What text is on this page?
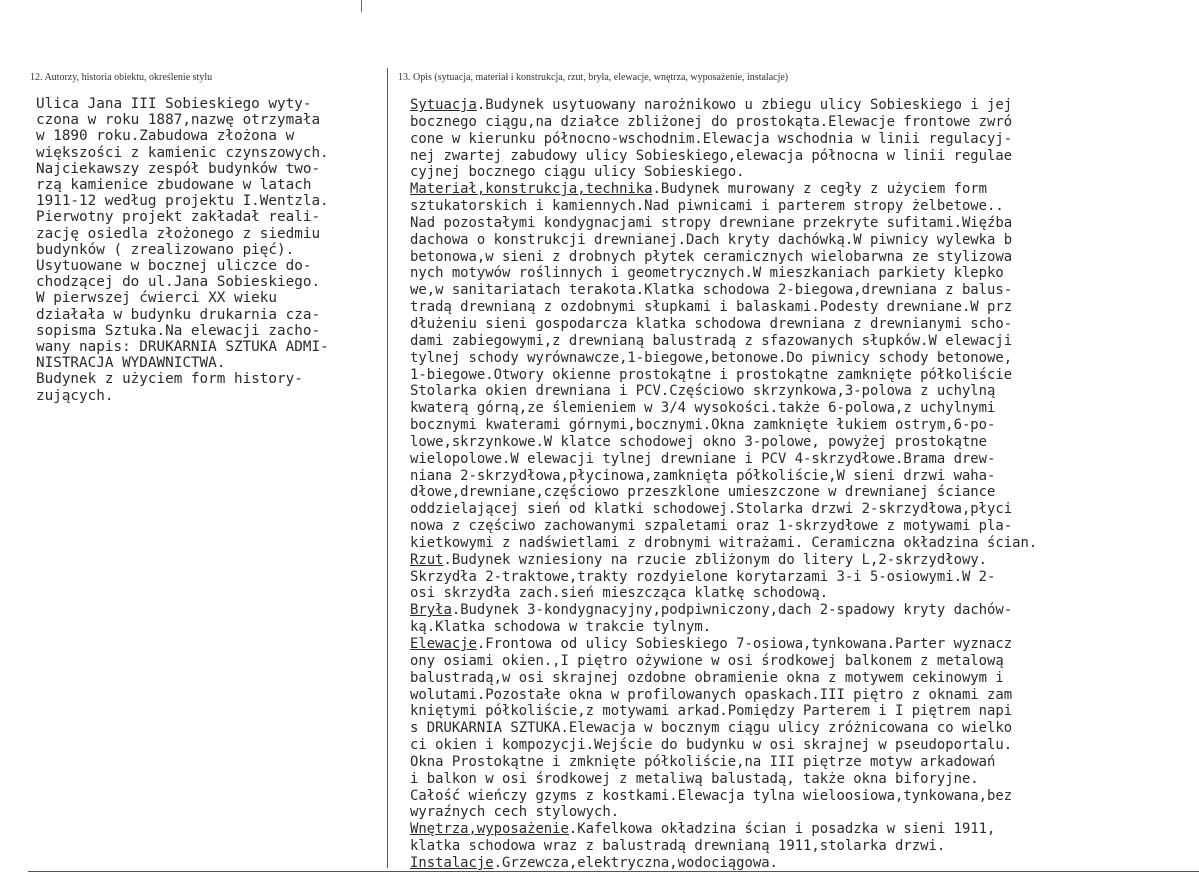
12. Autorzy, historia obiektu, określenie stylu	13. Opis (sytuacja, materiał i konstrukcja, rzut, bryła, elewacje, wnętrza, wyposażenie, instalacje)
Ulica Jana III Sobieskiego wyty-
czona w roku 1887,nazwę otrzymała
w 1890 roku.Zabudowa złożona w
większości z kamienic czynszowych.
Najciekawszy zespół budynków two-
rzą kamienice zbudowane w latach
1911-12 według projektu I.Wentzla.
Pierwotny projekt zakładał reali-
zację osiedla złożonego z siedmiu
budynków ( zrealizowano pięć).
Usytuowane w bocznej uliczce do-
chodzącej do ul.Jana Sobieskiego.
W pierwszej ćwierci XX wieku
działała w budynku drukarnia cza-
sopisma Sztuka.Na elewacji zacho-
wany napis: DRUKARNIA SZTUKA ADMI-
NISTRACJA WYDAWNICTWA.
Budynek z użyciem form history-
zujących.
Sytuacja.Budynek usytuowany narożnikowo u zbiegu ulicy Sobieskiego i jej
bocznego ciągu,na działce zbliżonej do prostokąta.Elewacje frontowe zwró
cone w kierunku północno-wschodnim.Elewacja wschodnia w linii regulacyj-
nej zwartej zabudowy ulicy Sobieskiego,elewacja północna w linii regulae
cyjnej bocznego ciągu ulicy Sobieskiego.
Materiał,konstrukcja,technika.Budynek murowany z cegły z użyciem form
sztukatorskich i kamiennych.Nad piwnicami i parterem stropy żelbetowe..
Nad pozostałymi kondygnacjami stropy drewniane przekryte sufitami.Więźba
dachowa o konstrukcji drewnianej.Dach kryty dachówką.W piwnicy wylewka b
betonowa,w sieni z drobnych płytek ceramicznych wielobarwna ze stylizowa
nych motywów roślinnych i geometrycznych.W mieszkaniach parkiety klepko
we,w sanitariatach terakota.Klatka schodowa 2-biegowa,drewniana z balus-
tradą drewnianą z ozdobnymi słupkami i balaskami.Podesty drewniane.W prz
dłużeniu sieni gospodarcza klatka schodowa drewniana z drewnianymi scho-
dami zabiegowymi,z drewnianą balustradą z sfazowanych słupków.W elewacji
tylnej schody wyrównawcze,1-biegowe,betonowe.Do piwnicy schody betonowe,
1-biegowe.Otwory okienne prostokątne i prostokątne zamknięte półkoliście
Stolarka okien drewniana i PCV.Częściowo skrzynkowa,3-polowa z uchylną
kwaterą górną,ze ślemieniem w 3/4 wysokości.także 6-polowa,z uchylnymi
bocznymi kwaterami górnymi,bocznymi.Okna zamknięte łukiem ostrym,6-po-
lowe,skrzynkowe.W klatce schodowej okno 3-polowe, powyżej prostokątne
wielopolowe.W elewacji tylnej drewniane i PCV 4-skrzydłowe.Brama drew-
niana 2-skrzydłowa,płycinowa,zamknięta półkoliście,W sieni drzwi waha-
dłowe,drewniane,częściowo przeszklone umieszczone w drewnianej ściance
oddzielającej sień od klatki schodowej.Stolarka drzwi 2-skrzydłowa,płyci
nowa z częściwo zachowanymi szpaletami oraz 1-skrzydłowe z motywami pla-
kietkowymi z nadświetlami z drobnymi witrażami. Ceramiczna okładzina ścian.
Rzut.Budynek wzniesiony na rzucie zbliżonym do litery L,2-skrzydłowy.
Skrzydła 2-traktowe,trakty rozdyielone korytarzami 3-i 5-osiowymi.W 2-
osi skrzydła zach.sień mieszcząca klatkę schodową.
Bryła.Budynek 3-kondygnacyjny,podpiwniczony,dach 2-spadowy kryty dachów-
ką.Klatka schodowa w trakcie tylnym.
Elewacje.Frontowa od ulicy Sobieskiego 7-osiowa,tynkowana.Parter wyznacz
ony osiami okien.,I piętro ożywione w osi środkowej balkonem z metalową
balustradą,w osi skrajnej ozdobne obramienie okna z motywem cekinowym i
wolutami.Pozostałe okna w profilowanych opaskach.III piętro z oknami zam
kniętymi półkoliście,z motywami arkad.Pomiędzy Parterem i I piętrem napi
s DRUKARNIA SZTUKA.Elewacja w bocznym ciągu ulicy zróżnicowana co wielko
ci okien i kompozycji.Wejście do budynku w osi skrajnej w pseudoportalu.
Okna Prostokątne i zmknięte półkoliście,na III piętrze motyw arkadowań
i balkon w osi środkowej z metaliwą balustadą, także okna biforyjne.
Całość wieńczy gzyms z kostkami.Elewacja tylna wieloosiowa,tynkowana,bez
wyraźnych cech stylowych.
Wnętrza,wyposażenie.Kafelkowa okładzina ścian i posadzka w sieni 1911,
klatka schodowa wraz z balustradą drewnianą 1911,stolarka drzwi.
Instalacje.Grzewcza,elektryczna,wodociągowa.
